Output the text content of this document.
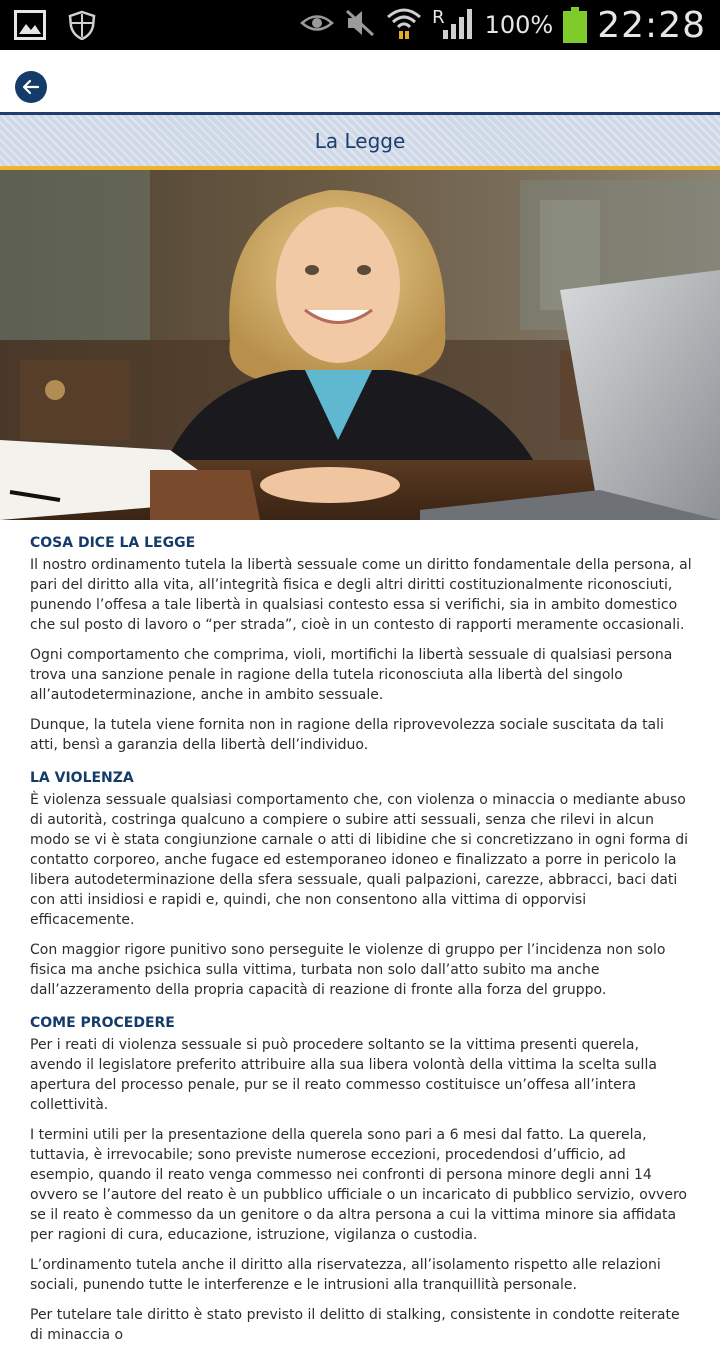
R 100% 22:28
La Legge
COSA DICE LA LEGGE

Il nostro ordinamento tutela la libertà sessuale come un diritto fondamentale della persona, al pari del diritto alla vita, all’integrità fisica e degli altri diritti costituzionalmente riconosciuti, punendo l’offesa a tale libertà in qualsiasi contesto essa si verifichi, sia in ambito domestico che sul posto di lavoro o “per strada”, cioè in un contesto di rapporti meramente occasionali.

Ogni comportamento che comprima, violi, mortifichi la libertà sessuale di qualsiasi persona trova una sanzione penale in ragione della tutela riconosciuta alla libertà del singolo all’autodeterminazione, anche in ambito sessuale.

Dunque, la tutela viene fornita non in ragione della riprovevolezza sociale suscitata da tali atti, bensì a garanzia della libertà dell’individuo.

LA VIOLENZA

È violenza sessuale qualsiasi comportamento che, con violenza o minaccia o mediante abuso di autorità, costringa qualcuno a compiere o subire atti sessuali, senza che rilevi in alcun modo se vi è stata congiunzione carnale o atti di libidine che si concretizzano in ogni forma di contatto corporeo, anche fugace ed estemporaneo idoneo e finalizzato a porre in pericolo la libera autodeterminazione della sfera sessuale, quali palpazioni, carezze, abbracci, baci dati con atti insidiosi e rapidi e, quindi, che non consentono alla vittima di opporvisi efficacemente.

Con maggior rigore punitivo sono perseguite le violenze di gruppo per l’incidenza non solo fisica ma anche psichica sulla vittima, turbata non solo dall’atto subito ma anche dall’azzeramento della propria capacità di reazione di fronte alla forza del gruppo.

COME PROCEDERE

Per i reati di violenza sessuale si può procedere soltanto se la vittima presenti querela, avendo il legislatore preferito attribuire alla sua libera volontà della vittima la scelta sulla apertura del processo penale, pur se il reato commesso costituisce un’offesa all’intera collettività.

I termini utili per la presentazione della querela sono pari a 6 mesi dal fatto. La querela, tuttavia, è irrevocabile; sono previste numerose eccezioni, procedendosi d’ufficio, ad esempio, quando il reato venga commesso nei confronti di persona minore degli anni 14 ovvero se l’autore del reato è un pubblico ufficiale o un incaricato di pubblico servizio, ovvero se il reato è commesso da un genitore o da altra persona a cui la vittima minore sia affidata per ragioni di cura, educazione, istruzione, vigilanza o custodia.

L’ordinamento tutela anche il diritto alla riservatezza, all’isolamento rispetto alle relazioni sociali, punendo tutte le interferenze e le intrusioni alla tranquillità personale.

Per tutelare tale diritto è stato previsto il delitto di stalking, consistente in condotte reiterate di minaccia o
